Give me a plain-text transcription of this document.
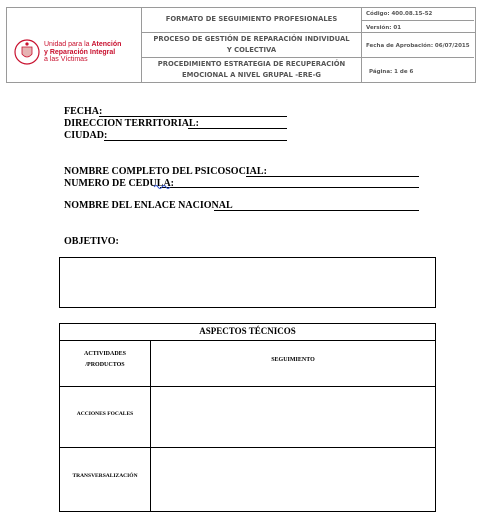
Unidad para la Atención
y Reparación Integral
a las Víctimas
FORMATO DE SEGUIMIENTO PROFESIONALES
PROCESO DE GESTIÓN DE REPARACIÓN INDIVIDUAL Y COLECTIVA
PROCEDIMIENTO ESTRATEGIA DE RECUPERACIÓN EMOCIONAL A NIVEL GRUPAL -ERE-G
Código: 400.08.15-52
Versión: 01
Fecha de Aprobación: 06/07/2015
Página: 1 de 6
FECHA:
DIRECCION TERRITORIAL:
CIUDAD:
NOMBRE COMPLETO DEL PSICOSOCIAL:
NUMERO DE CEDULA:
NOMBRE DEL ENLACE NACIONAL
OBJETIVO:
ASPECTOS TÉCNICOS
ACTIVIDADES
/PRODUCTOS
SEGUIMIENTO
ACCIONES FOCALES
TRANSVERSALIZACIÓN
